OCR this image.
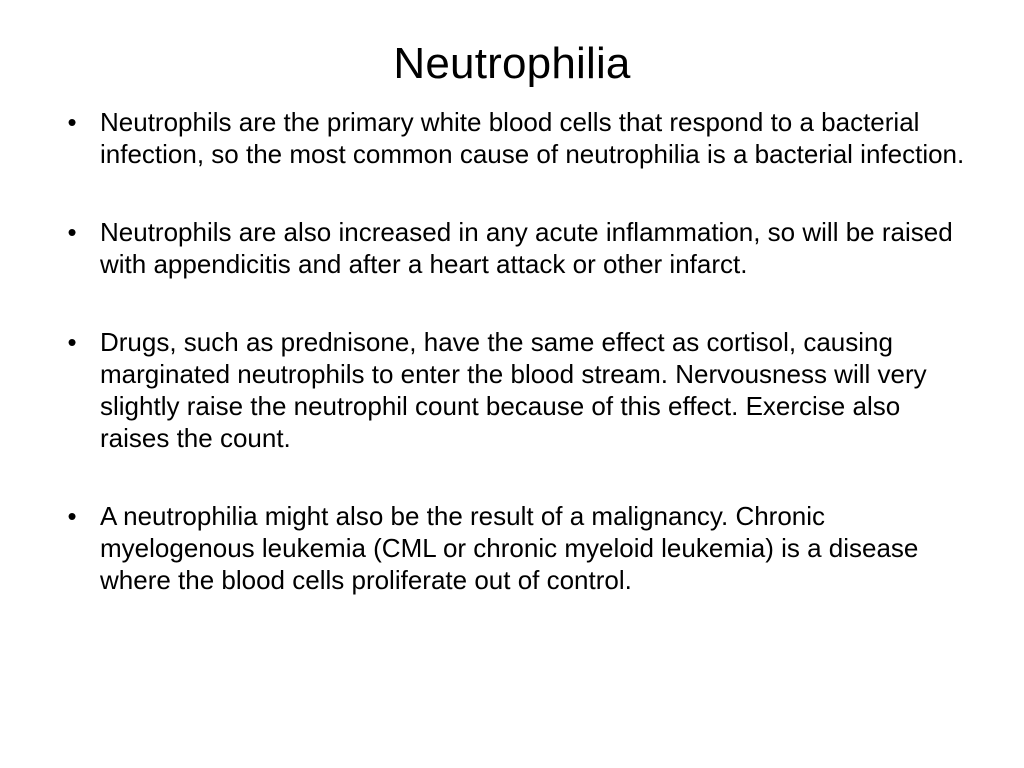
Neutrophilia
• Neutrophils are the primary white blood cells that respond to a bacterial infection, so the most common cause of neutrophilia is a bacterial infection.
• Neutrophils are also increased in any acute inflammation, so will be raised with appendicitis and after a heart attack or other infarct.
• Drugs, such as prednisone, have the same effect as cortisol, causing marginated neutrophils to enter the blood stream. Nervousness will very slightly raise the neutrophil count because of this effect. Exercise also raises the count.
• A neutrophilia might also be the result of a malignancy. Chronic myelogenous leukemia (CML or chronic myeloid leukemia) is a disease where the blood cells proliferate out of control.
